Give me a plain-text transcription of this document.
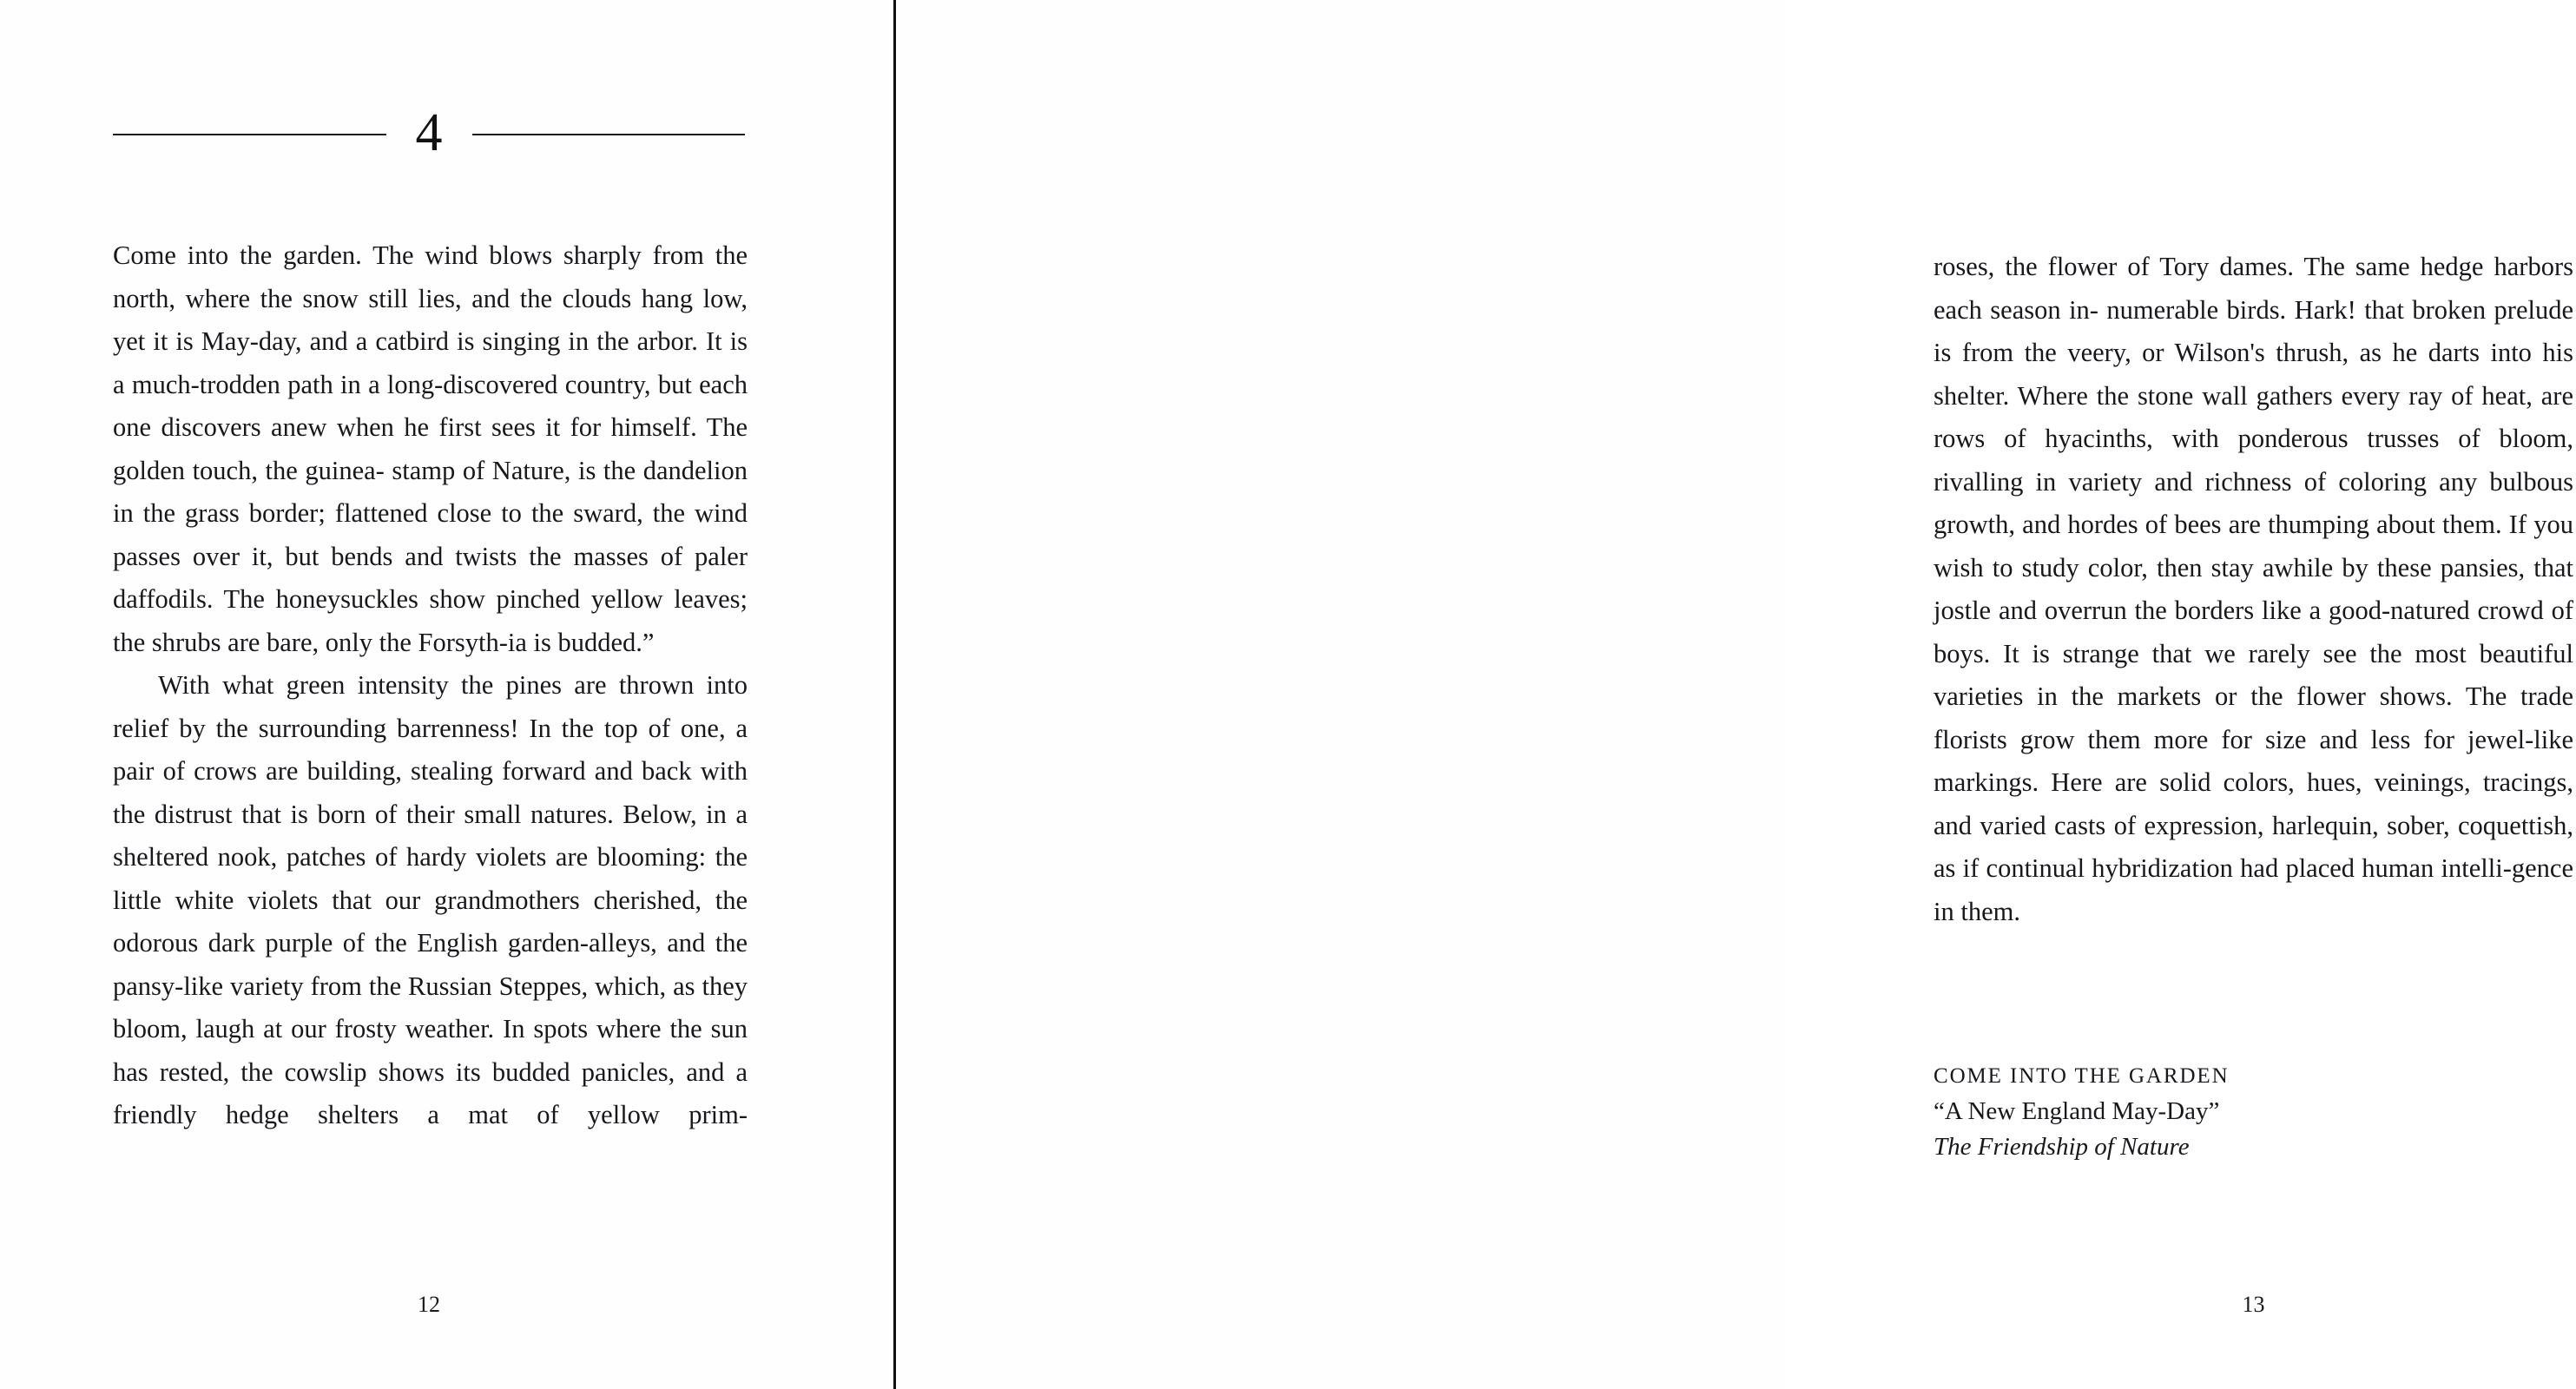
4

Come into the garden. The wind blows sharply from the north, where the snow still lies, and the clouds hang low, yet it is May-day, and a catbird is singing in the arbor. It is a much-trodden path in a long-discovered country, but each one discovers anew when he first sees it for himself. The golden touch, the guinea- stamp of Nature, is the dandelion in the grass border; flattened close to the sward, the wind passes over it, but bends and twists the masses of paler daffodils. The honeysuckles show pinched yellow leaves; the shrubs are bare, only the Forsyth-ia is budded.”

With what green intensity the pines are thrown into relief by the surrounding barrenness! In the top of one, a pair of crows are building, stealing forward and back with the distrust that is born of their small natures. Below, in a sheltered nook, patches of hardy violets are blooming: the little white violets that our grandmothers cherished, the odorous dark purple of the English garden-alleys, and the pansy-like variety from the Russian Steppes, which, as they bloom, laugh at our frosty weather. In spots where the sun has rested, the cowslip shows its budded panicles, and a friendly hedge shelters a mat of yellow prim-

12

roses, the flower of Tory dames. The same hedge harbors each season in- numerable birds. Hark! that broken prelude is from the veery, or Wilson's thrush, as he darts into his shelter. Where the stone wall gathers every ray of heat, are rows of hyacinths, with ponderous trusses of bloom, rivalling in variety and richness of coloring any bulbous growth, and hordes of bees are thumping about them. If you wish to study color, then stay awhile by these pansies, that jostle and overrun the borders like a good-natured crowd of boys. It is strange that we rarely see the most beautiful varieties in the markets or the flower shows. The trade florists grow them more for size and less for jewel-like markings. Here are solid colors, hues, veinings, tracings, and varied casts of expression, harlequin, sober, coquettish, as if continual hybridization had placed human intelli-gence in them.

COME INTO THE GARDEN
“A New England May-Day”
The Friendship of Nature
13
